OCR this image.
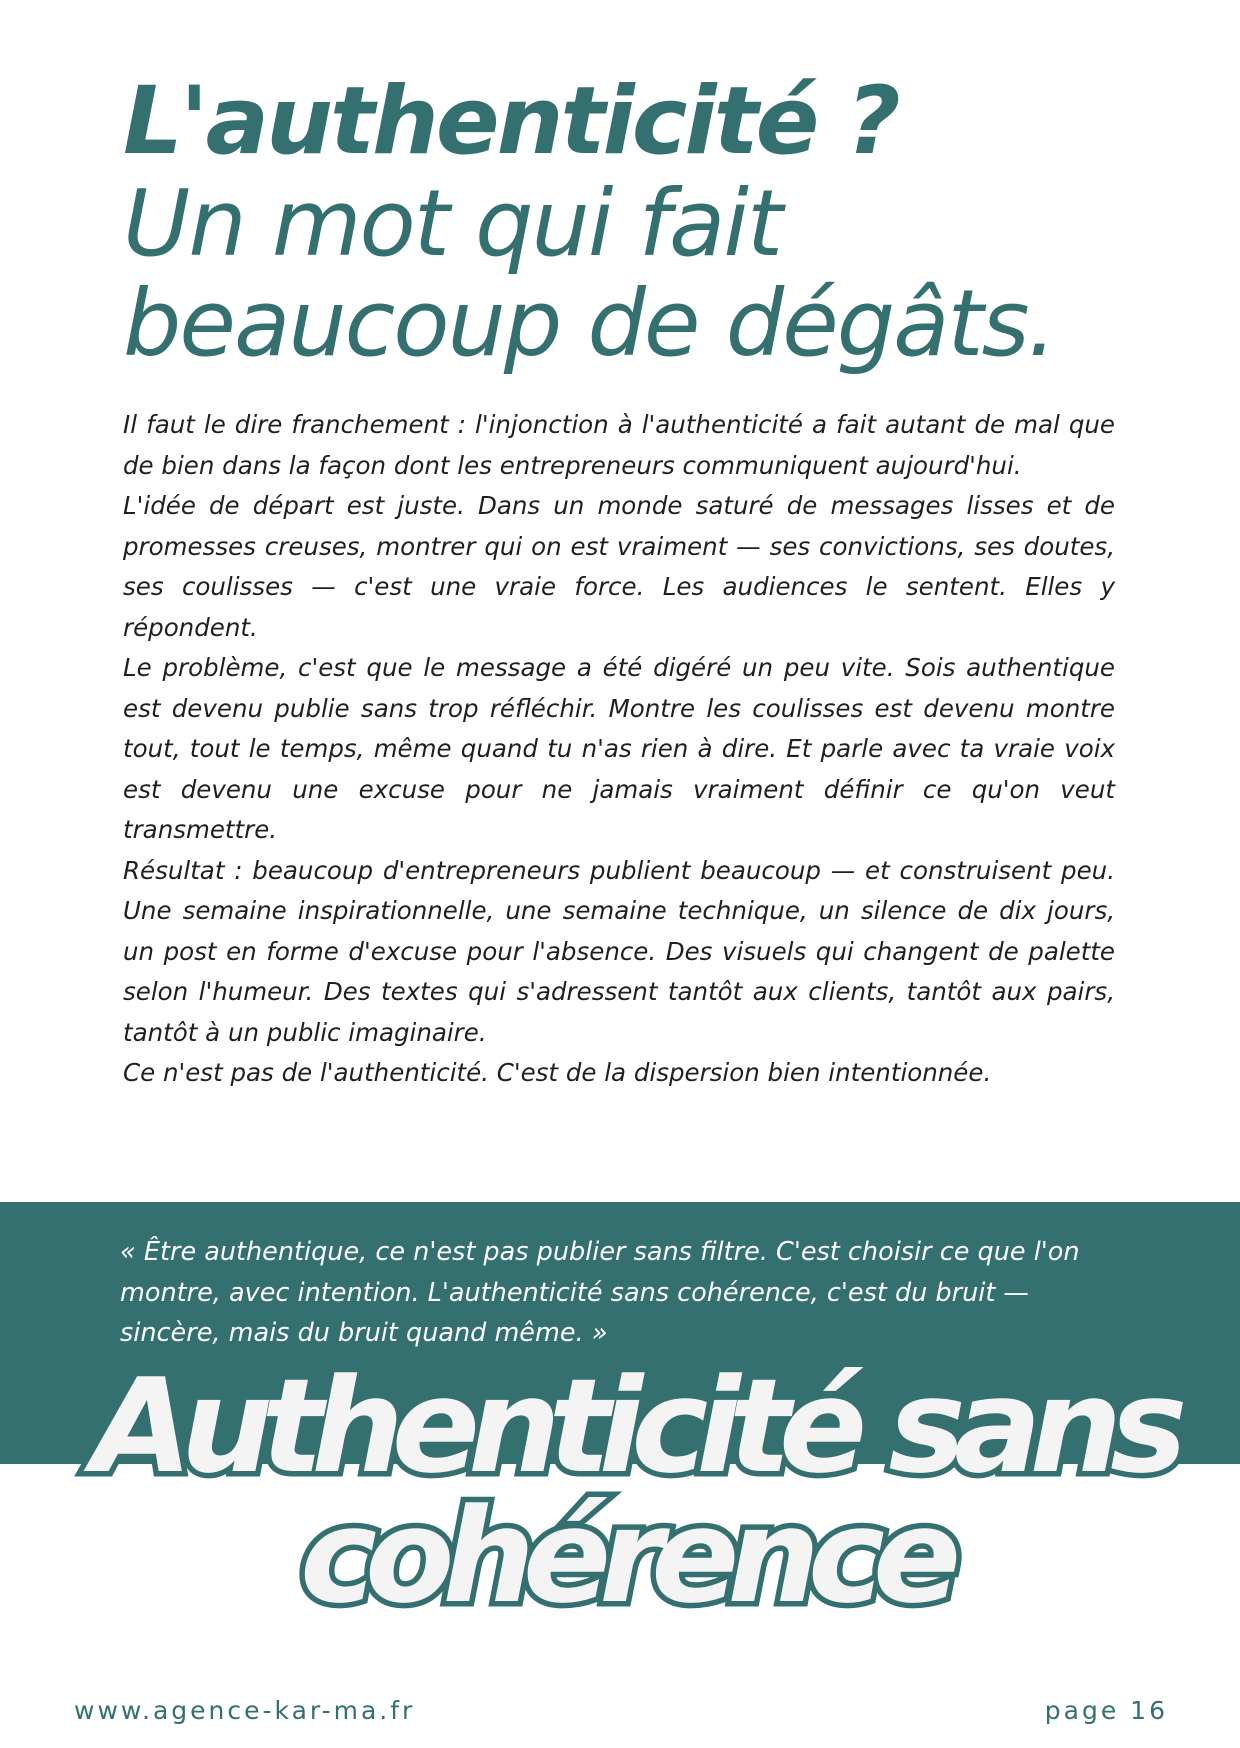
L'authenticité ?
Un mot qui fait
beaucoup de dégâts.

Il faut le dire franchement : l'injonction à l'authenticité a fait autant de mal que de bien dans la façon dont les entrepreneurs communiquent aujourd'hui.

L'idée de départ est juste. Dans un monde saturé de messages lisses et de promesses creuses, montrer qui on est vraiment — ses convictions, ses doutes, ses coulisses — c'est une vraie force. Les audiences le sentent. Elles y répondent.

Le problème, c'est que le message a été digéré un peu vite. Sois authentique est devenu publie sans trop réfléchir. Montre les coulisses est devenu montre tout, tout le temps, même quand tu n'as rien à dire. Et parle avec ta vraie voix est devenu une excuse pour ne jamais vraiment définir ce qu'on veut transmettre.

Résultat : beaucoup d'entrepreneurs publient beaucoup — et construisent peu. Une semaine inspirationnelle, une semaine technique, un silence de dix jours, un post en forme d'excuse pour l'absence. Des visuels qui changent de palette selon l'humeur. Des textes qui s'adressent tantôt aux clients, tantôt aux pairs, tantôt à un public imaginaire.

Ce n'est pas de l'authenticité. C'est de la dispersion bien intentionnée.

« Être authentique, ce n'est pas publier sans filtre. C'est choisir ce que l'on montre, avec intention. L'authenticité sans cohérence, c'est du bruit — sincère, mais du bruit quand même. »
Authenticité sans
cohérence
www.agence-kar-ma.fr	page 16
